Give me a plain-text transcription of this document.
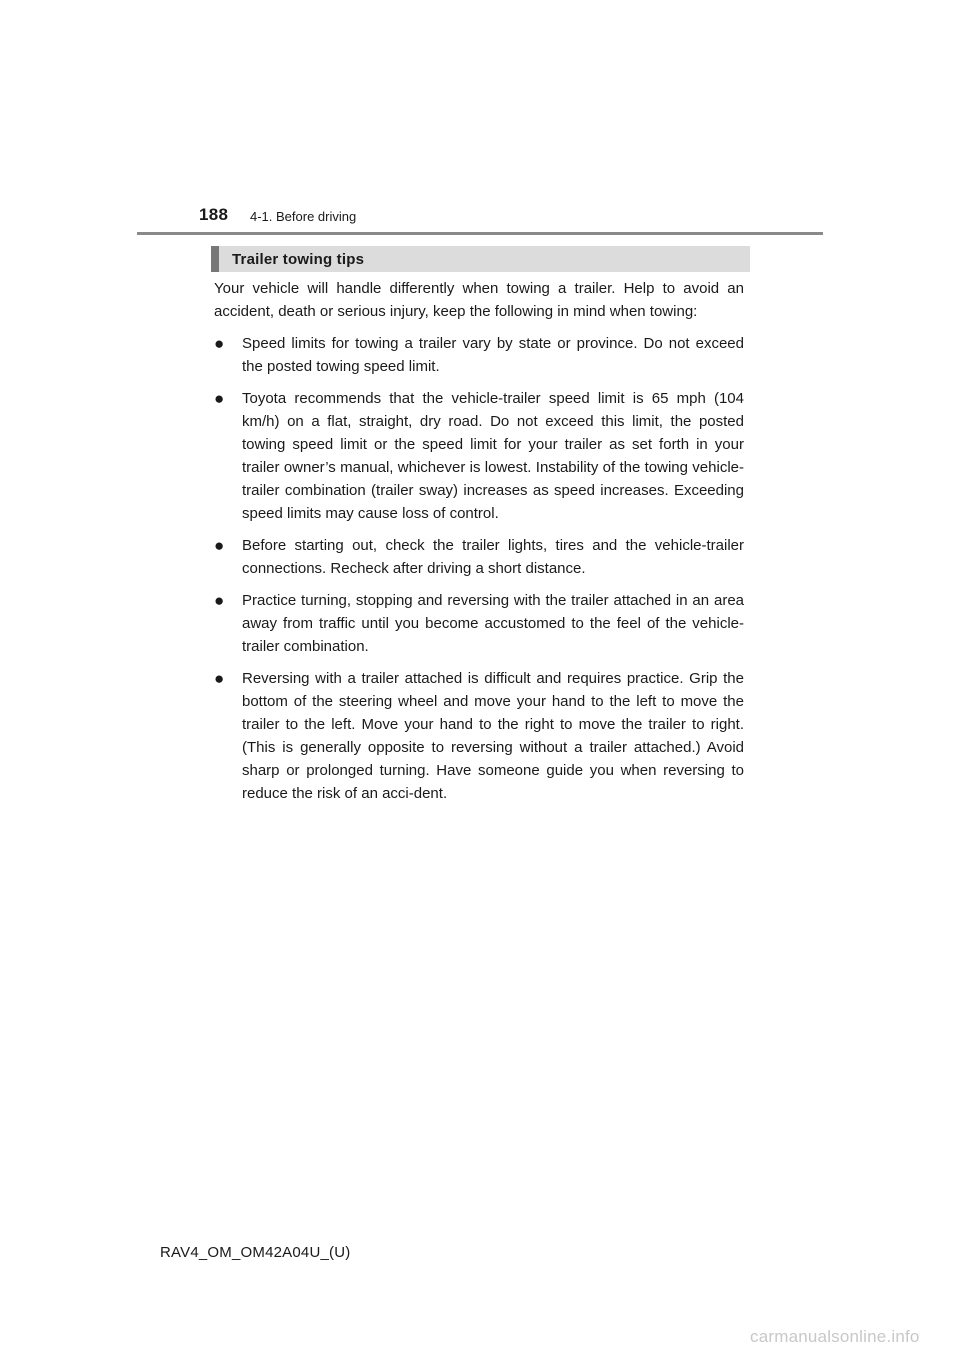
188 4-1. Before driving
Trailer towing tips

Your vehicle will handle differently when towing a trailer. Help to avoid an accident, death or serious injury, keep the following in mind when towing:

● Speed limits for towing a trailer vary by state or province. Do not exceed the posted towing speed limit.
● Toyota recommends that the vehicle-trailer speed limit is 65 mph (104 km/h) on a flat, straight, dry road. Do not exceed this limit, the posted towing speed limit or the speed limit for your trailer as set forth in your trailer owner’s manual, whichever is lowest. Instability of the towing vehicle-trailer combination (trailer sway) increases as speed increases. Exceeding speed limits may cause loss of control.
● Before starting out, check the trailer lights, tires and the vehicle-trailer connections. Recheck after driving a short distance.
● Practice turning, stopping and reversing with the trailer attached in an area away from traffic until you become accustomed to the feel of the vehicle-trailer combination.
● Reversing with a trailer attached is difficult and requires practice. Grip the bottom of the steering wheel and move your hand to the left to move the trailer to the left. Move your hand to the right to move the trailer to right. (This is generally opposite to reversing without a trailer attached.) Avoid sharp or prolonged turning. Have someone guide you when reversing to reduce the risk of an acci-dent.
RAV4_OM_OM42A04U_(U)
carmanualsonline.info
